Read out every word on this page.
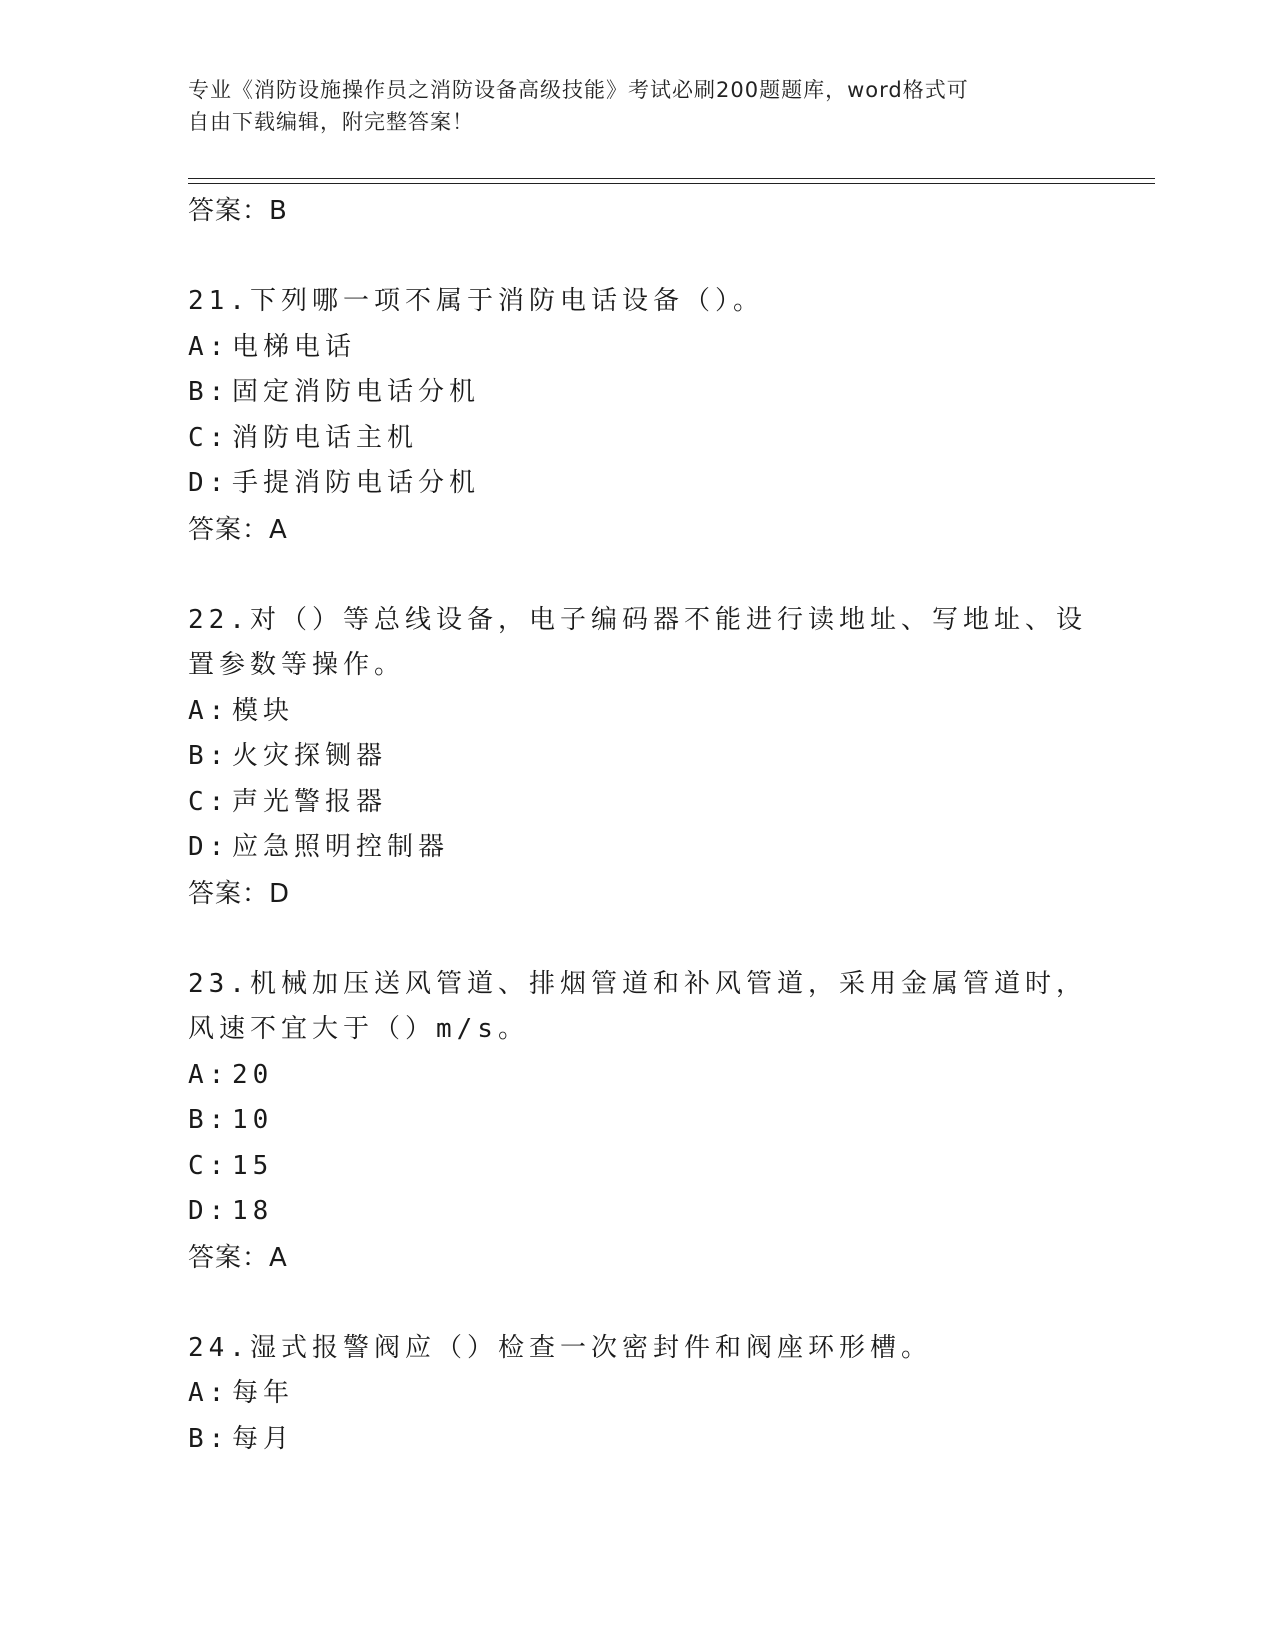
专业《消防设施操作员之消防设备高级技能》考试必刷200题题库，word格式可
自由下载编辑，附完整答案！
答案：B
21.下列哪一项不属于消防电话设备（）。
A: 电梯电话
B: 固定消防电话分机
C: 消防电话主机
D: 手提消防电话分机
答案：A
22.对（）等总线设备，电子编码器不能进行读地址、写地址、设置参数等操作。
A: 模块
B: 火灾探铡器
C: 声光警报器
D: 应急照明控制器
答案：D
23.机械加压送风管道、排烟管道和补风管道，采用金属管道时，风速不宜大于（）m/s。
A: 20
B: 10
C: 15
D: 18
答案：A
24.湿式报警阀应（）检查一次密封件和阀座环形槽。
A: 每年
B: 每月
